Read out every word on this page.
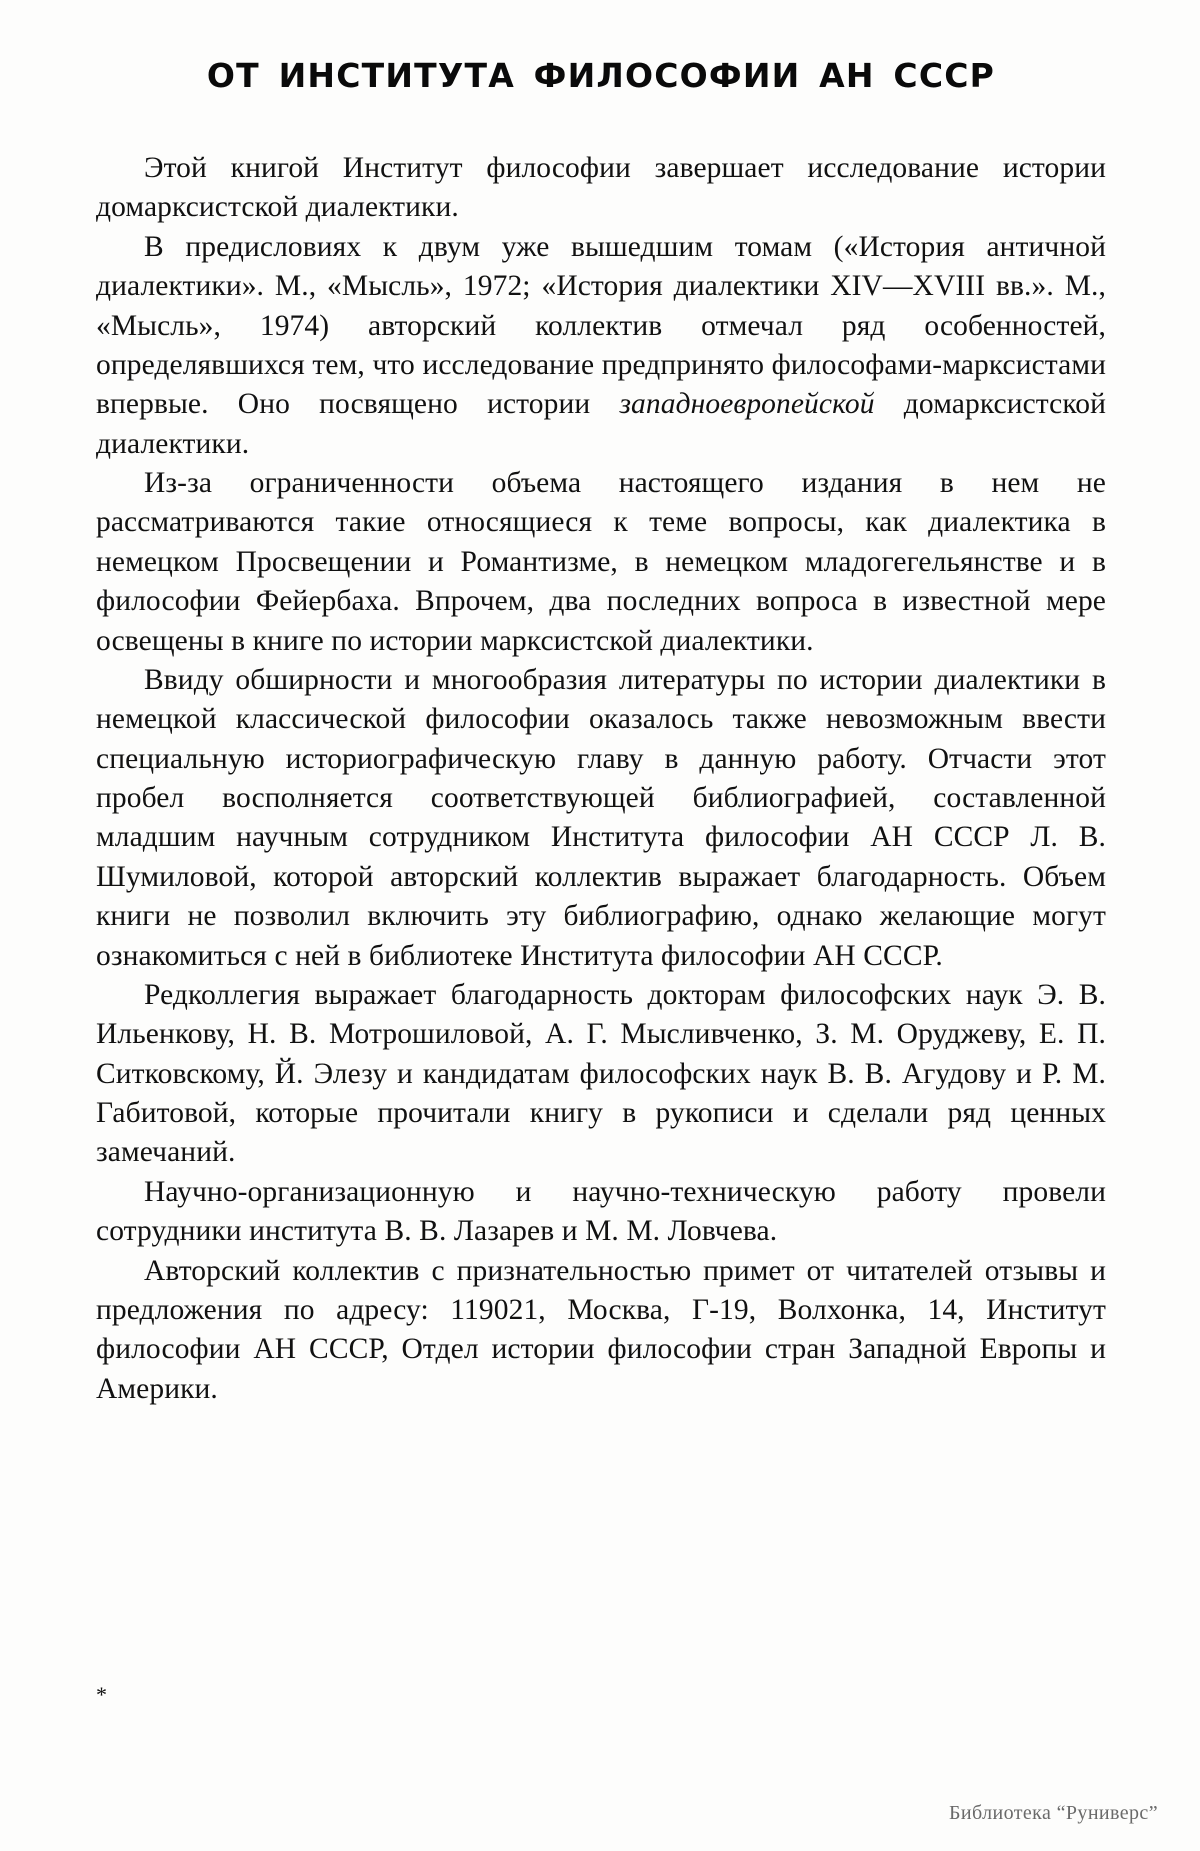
ОТ ИНСТИТУТА ФИЛОСОФИИ АН СССР

Этой книгой Институт философии завершает исследование истории домарксистской диалектики.

В предисловиях к двум уже вышедшим томам («История античной диалектики». М., «Мысль», 1972; «История диалектики XIV—XVIII вв.». М., «Мысль», 1974) авторский коллектив отмечал ряд особенностей, определявшихся тем, что исследование предпринято философами-марксистами впервые. Оно посвящено истории западноевропейской домарксистской диалектики.

Из-за ограниченности объема настоящего издания в нем не рассматриваются такие относящиеся к теме вопросы, как диалектика в немецком Просвещении и Романтизме, в немецком младогегельянстве и в философии Фейербаха. Впрочем, два последних вопроса в известной мере освещены в книге по истории марксистской диалектики.

Ввиду обширности и многообразия литературы по истории диалектики в немецкой классической философии оказалось также невозможным ввести специальную историографическую главу в данную работу. Отчасти этот пробел восполняется соответствующей библиографией, составленной младшим научным сотрудником Института философии АН СССР Л. В. Шумиловой, которой авторский коллектив выражает благодарность. Объем книги не позволил включить эту библиографию, однако желающие могут ознакомиться с ней в библиотеке Института философии АН СССР.

Редколлегия выражает благодарность докторам философских наук Э. В. Ильенкову, Н. В. Мотрошиловой, А. Г. Мысливченко, З. М. Оруджеву, Е. П. Ситковскому, Й. Элезу и кандидатам философских наук В. В. Агудову и Р. М. Габитовой, которые прочитали книгу в рукописи и сделали ряд ценных замечаний.

Научно-организационную и научно-техническую работу провели сотрудники института В. В. Лазарев и М. М. Ловчева.

Авторский коллектив с признательностью примет от читателей отзывы и предложения по адресу: 119021, Москва, Г-19, Волхонка, 14, Институт философии АН СССР, Отдел истории философии стран Западной Европы и Америки.

*
Библиотека “Руниверс”
